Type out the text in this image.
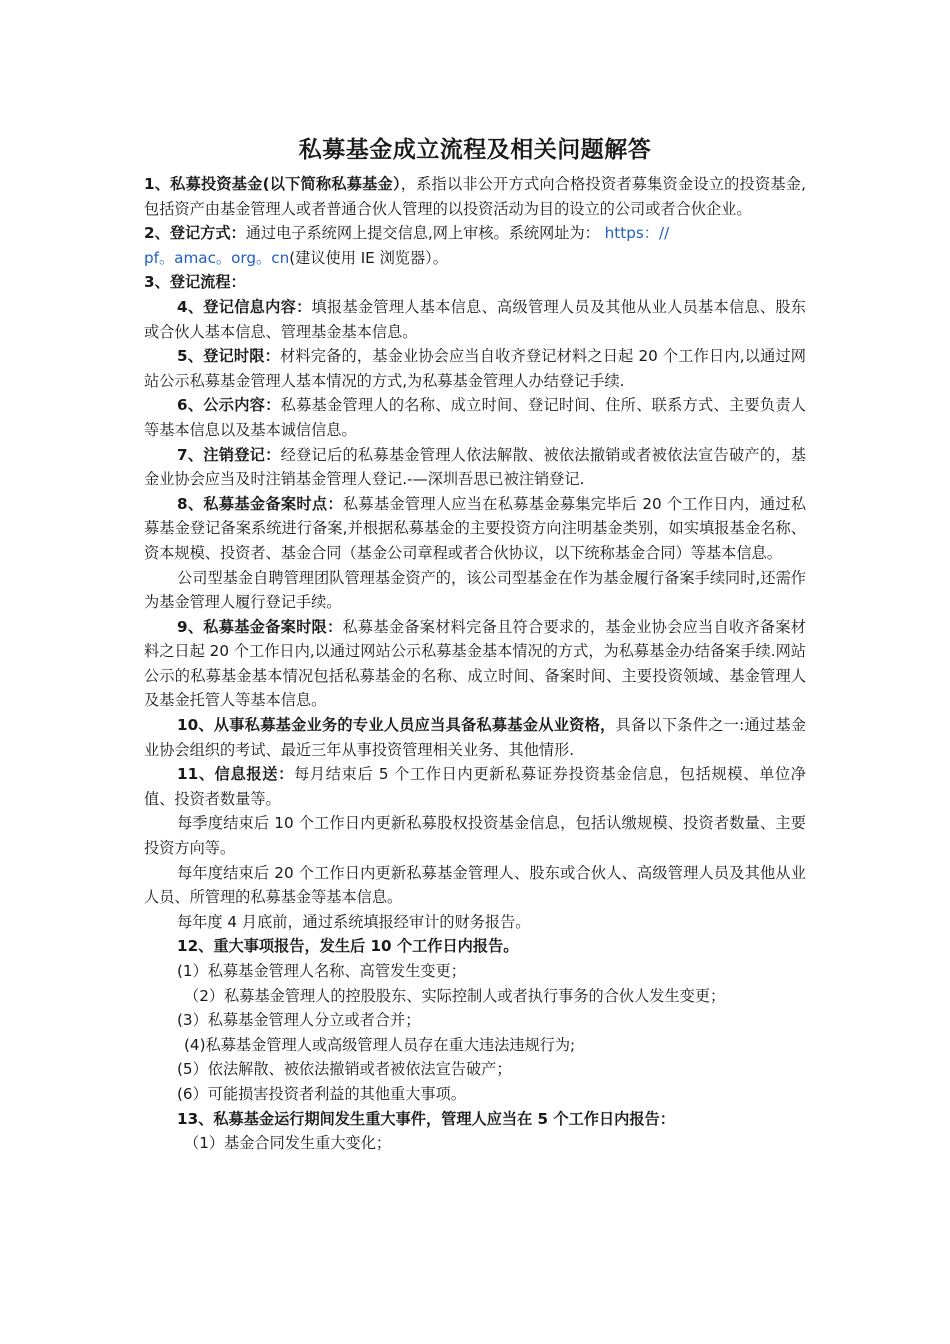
私募基金成立流程及相关问题解答

1、私募投资基金(以下简称私募基金），系指以非公开方式向合格投资者募集资金设立的投资基金,包括资产由基金管理人或者普通合伙人管理的以投资活动为目的设立的公司或者合伙企业。

2、登记方式：通过电子系统网上提交信息,网上审核。系统网址为： https：//
pf。amac。org。cn(建议使用 IE 浏览器）。

3、登记流程：

4、登记信息内容：填报基金管理人基本信息、高级管理人员及其他从业人员基本信息、股东或合伙人基本信息、管理基金基本信息。

5、登记时限：材料完备的，基金业协会应当自收齐登记材料之日起 20 个工作日内,以通过网站公示私募基金管理人基本情况的方式,为私募基金管理人办结登记手续.

6、公示内容：私募基金管理人的名称、成立时间、登记时间、住所、联系方式、主要负责人等基本信息以及基本诚信信息。

7、注销登记：经登记后的私募基金管理人依法解散、被依法撤销或者被依法宣告破产的，基金业协会应当及时注销基金管理人登记.-—深圳吾思已被注销登记.

8、私募基金备案时点：私募基金管理人应当在私募基金募集完毕后 20 个工作日内，通过私募基金登记备案系统进行备案,并根据私募基金的主要投资方向注明基金类别，如实填报基金名称、资本规模、投资者、基金合同（基金公司章程或者合伙协议，以下统称基金合同）等基本信息。

公司型基金自聘管理团队管理基金资产的，该公司型基金在作为基金履行备案手续同时,还需作为基金管理人履行登记手续。

9、私募基金备案时限：私募基金备案材料完备且符合要求的，基金业协会应当自收齐备案材料之日起 20 个工作日内,以通过网站公示私募基金基本情况的方式，为私募基金办结备案手续.网站公示的私募基金基本情况包括私募基金的名称、成立时间、备案时间、主要投资领域、基金管理人及基金托管人等基本信息。

10、从事私募基金业务的专业人员应当具备私募基金从业资格，具备以下条件之一:通过基金业协会组织的考试、最近三年从事投资管理相关业务、其他情形.

11、信息报送：每月结束后 5 个工作日内更新私募证券投资基金信息，包括规模、单位净值、投资者数量等。

每季度结束后 10 个工作日内更新私募股权投资基金信息，包括认缴规模、投资者数量、主要投资方向等。

每年度结束后 20 个工作日内更新私募基金管理人、股东或合伙人、高级管理人员及其他从业人员、所管理的私募基金等基本信息。

每年度 4 月底前，通过系统填报经审计的财务报告。

12、重大事项报告，发生后 10 个工作日内报告。

(1）私募基金管理人名称、高管发生变更；

（2）私募基金管理人的控股股东、实际控制人或者执行事务的合伙人发生变更；

(3）私募基金管理人分立或者合并；

(4)私募基金管理人或高级管理人员存在重大违法违规行为;

(5）依法解散、被依法撤销或者被依法宣告破产；

(6）可能损害投资者利益的其他重大事项。

13、私募基金运行期间发生重大事件，管理人应当在 5 个工作日内报告：

（1）基金合同发生重大变化；
